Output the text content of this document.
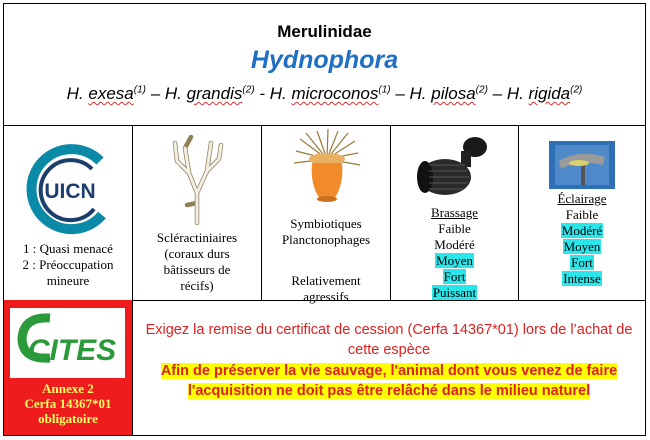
Merulinidae
Hydnophora
H. exesa$^{(1)}$ – H. grandis$^{(2)}$ - H. microconos$^{(1)}$ – H. pilosa$^{(2)}$ – H. rigida$^{(2)}$
UICN
1 : Quasi menacé
2 : Préoccupation
mineure
Scléractiniaires
(coraux durs
bâtisseurs de
récifs)
Symbiotiques
Planctonophages
Relativement
agressifs
Brassage
Faible
Modéré
Moyen
Fort
Puissant
Éclairage
Faible
Modéré
Moyen
Fort
Intense
CITES
Annexe 2
Cerfa 14367*01
obligatoire
Exigez la remise du certificat de cession (Cerfa 14367*01) lors de l’achat de
cette espèce
Afin de préserver la vie sauvage, l'animal dont vous venez de faire
l'acquisition ne doit pas être relâché dans le milieu naturel
